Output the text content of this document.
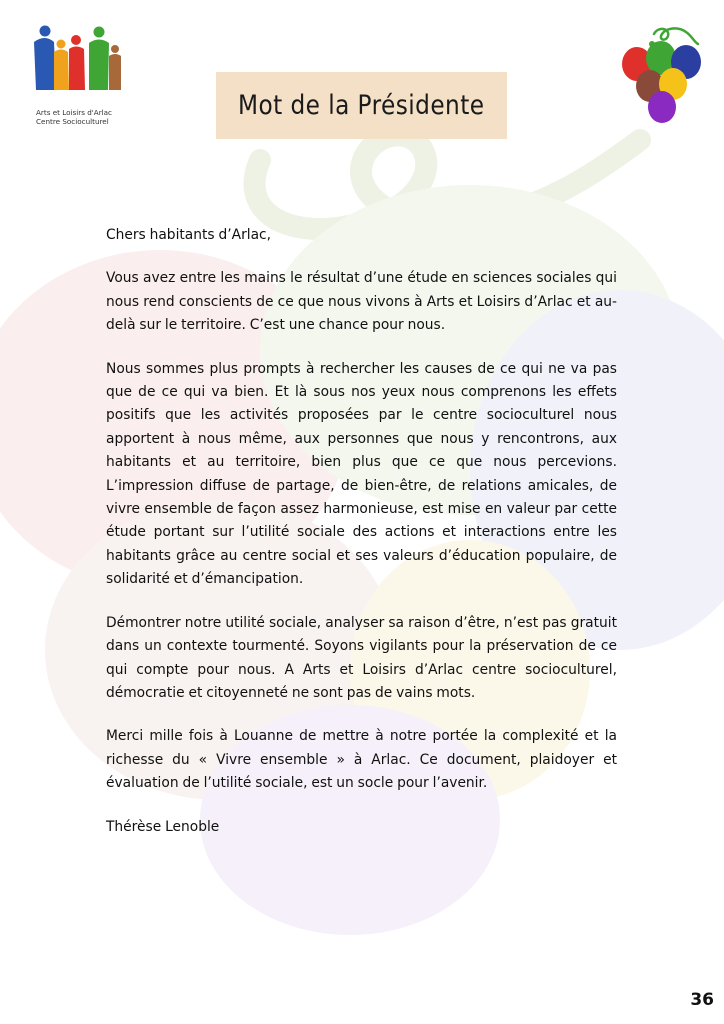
Arts et Loisirs d'Arlac
Centre Socioculturel
Mot de la Présidente

Chers habitants d’Arlac,

Vous avez entre les mains le résultat d’une étude en sciences sociales qui nous rend conscients de ce que nous vivons à Arts et Loisirs d’Arlac et au-delà sur le territoire. C’est une chance pour nous.

Nous sommes plus prompts à rechercher les causes de ce qui ne va pas que de ce qui va bien. Et là sous nos yeux nous comprenons les effets positifs que les activités proposées par le centre socioculturel nous apportent à nous même, aux personnes que nous y rencontrons, aux habitants et au territoire, bien plus que ce que nous percevions. L’impression diffuse de partage, de bien-être, de relations amicales, de vivre ensemble de façon assez harmonieuse, est mise en valeur par cette étude portant sur l’utilité sociale des actions et interactions entre les habitants grâce au centre social et ses valeurs d’éducation populaire, de solidarité et d’émancipation.

Démontrer notre utilité sociale, analyser sa raison d’être, n’est pas gratuit dans un contexte tourmenté. Soyons vigilants pour la préservation de ce qui compte pour nous. A Arts et Loisirs d’Arlac centre socioculturel, démocratie et citoyenneté ne sont pas de vains mots.

Merci mille fois à Louanne de mettre à notre portée la complexité et la richesse du « Vivre ensemble » à Arlac. Ce document, plaidoyer et évaluation de l’utilité sociale, est un socle pour l’avenir.

Thérèse Lenoble

36
